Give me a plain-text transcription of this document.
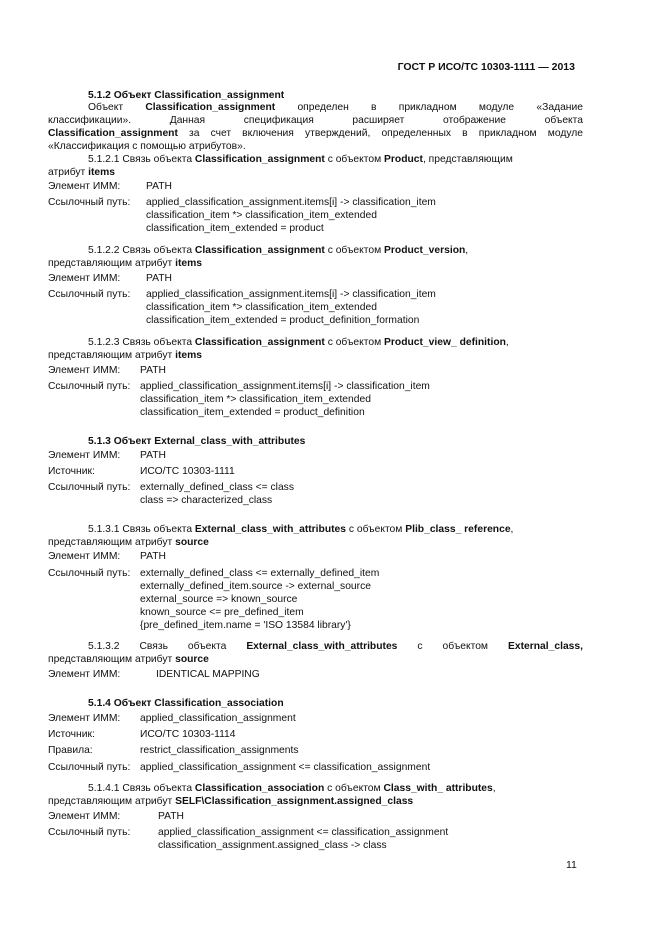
ГОСТ Р ИСО/ТС 10303-1111 — 2013
5.1.2 Объект Classification_assignment
Объект Classification_assignment определен в прикладном модуле «Задание
классификации». Данная спецификация расширяет отображение объекта
Classification_assignment за счет включения утверждений, определенных в прикладном модуле
«Классификация с помощью атрибутов».
5.1.2.1 Связь объекта Classification_assignment с объектом Product, представляющим
атрибут items
Элемент ИММ: PATH
Ссылочный путь: applied_classification_assignment.items[i] -> classification_item
classification_item *> classification_item_extended
classification_item_extended = product
5.1.2.2 Связь объекта Classification_assignment с объектом Product_version,
представляющим атрибут items
Элемент ИММ: PATH
Ссылочный путь: applied_classification_assignment.items[i] -> classification_item
classification_item *> classification_item_extended
classification_item_extended = product_definition_formation
5.1.2.3 Связь объекта Classification_assignment с объектом Product_view_ definition,
представляющим атрибут items
Элемент ИММ: PATH
Ссылочный путь: applied_classification_assignment.items[i] -> classification_item
classification_item *> classification_item_extended
classification_item_extended = product_definition
5.1.3 Объект External_class_with_attributes
Элемент ИММ: PATH
Источник:	ИСО/ТС 10303-1111
Ссылочный путь: externally_defined_class <= class
class => characterized_class
5.1.3.1 Связь объекта External_class_with_attributes с объектом Plib_class_ reference,
представляющим атрибут source
Элемент ИММ: PATH
Ссылочный путь: externally_defined_class <= externally_defined_item
externally_defined_item.source -> external_source
external_source => known_source
known_source <= pre_defined_item
{pre_defined_item.name = 'ISO 13584 library'}
5.1.3.2 Связь объекта External_class_with_attributes с объектом External_class,
представляющим атрибут source
Элемент ИММ:	IDENTICAL MAPPING
5.1.4 Объект Classification_association
Элемент ИММ: applied_classification_assignment
Источник:	ИСО/ТС 10303-1114
Правила:	restrict_classification_assignments
Ссылочный путь: applied_classification_assignment <= classification_assignment
5.1.4.1 Связь объекта Classification_association с объектом Class_with_ attributes,
представляющим атрибут SELF\Classification_assignment.assigned_class
Элемент ИММ:	PATH
Ссылочный путь:	applied_classification_assignment <= classification_assignment
classification_assignment.assigned_class -> class
11
